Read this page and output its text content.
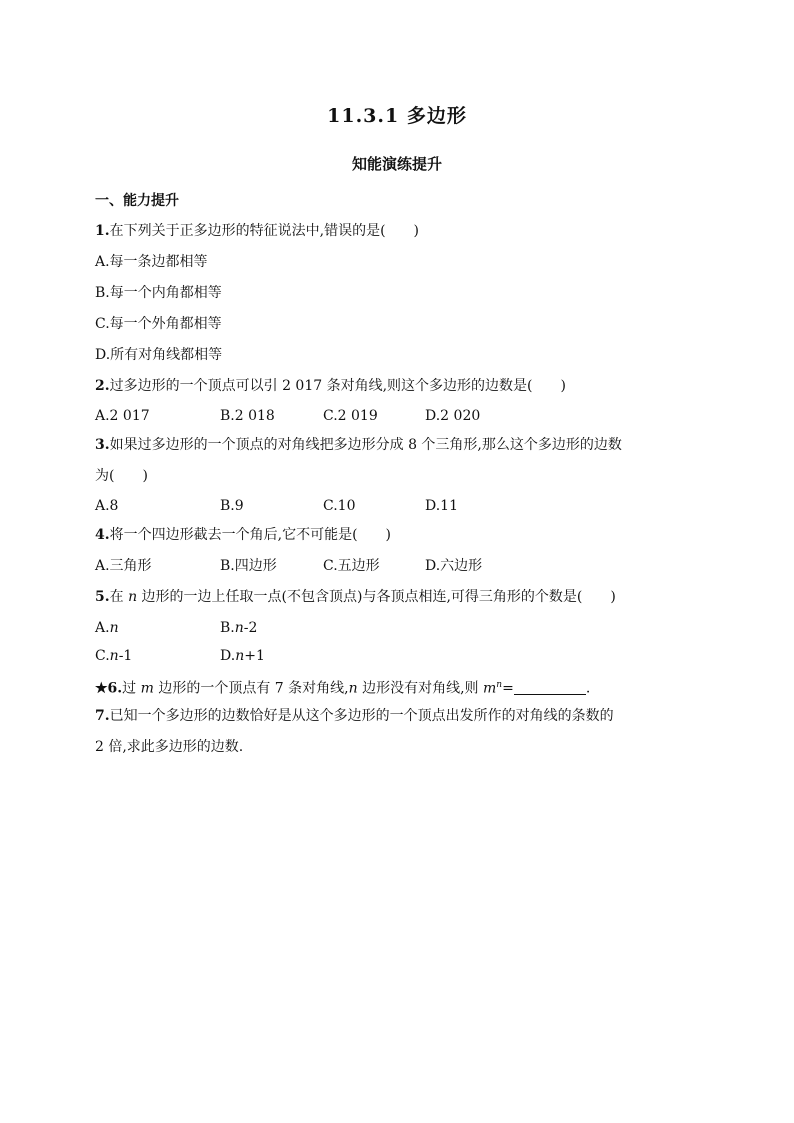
11.3.1 多边形
知能演练提升
一、能力提升
1.在下列关于正多边形的特征说法中,错误的是(　　)
A.每一条边都相等
B.每一个内角都相等
C.每一个外角都相等
D.所有对角线都相等
2.过多边形的一个顶点可以引 2 017 条对角线,则这个多边形的边数是(　　)
A.2 017	B.2 018	C.2 019	D.2 020
3.如果过多边形的一个顶点的对角线把多边形分成 8 个三角形,那么这个多边形的边数
为(　　)
A.8	B.9	C.10	D.11
4.将一个四边形截去一个角后,它不可能是(　　)
A.三角形	B.四边形	C.五边形	D.六边形
5.在 n 边形的一边上任取一点(不包含顶点)与各顶点相连,可得三角形的个数是(　　)
A.n	B.n-2
C.n-1	D.n+1
★6.过 m 边形的一个顶点有 7 条对角线,n 边形没有对角线,则 $m^n=$	.
7.已知一个多边形的边数恰好是从这个多边形的一个顶点出发所作的对角线的条数的
2 倍,求此多边形的边数.
